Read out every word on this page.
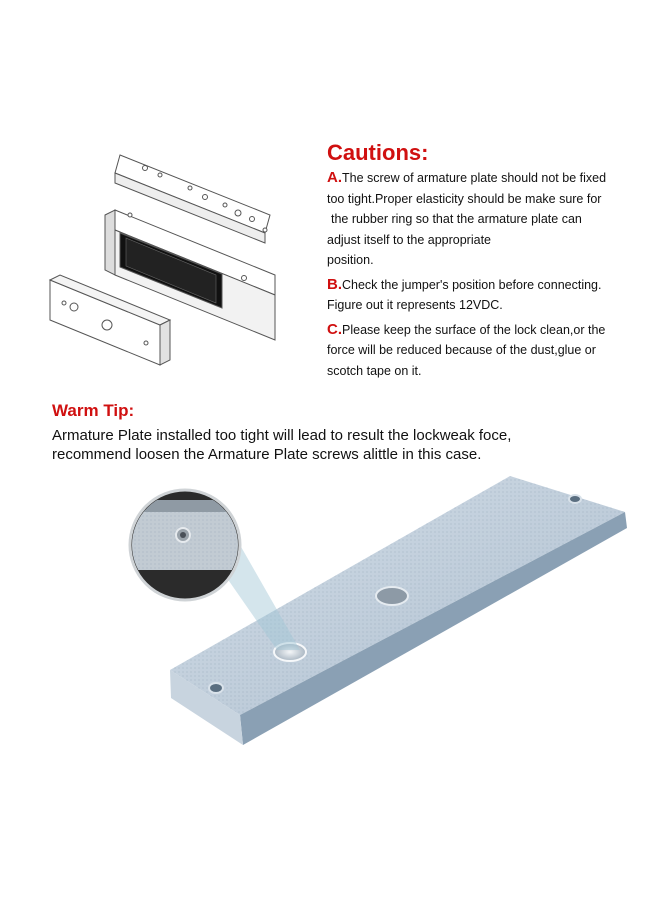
Cautions:
A.The screw of armature plate should not be fixed
too tight.Proper elasticity should be make sure for
the rubber ring so that the armature plate can
adjust itself to the appropriate
position.
B.Check the jumper's position before connecting.
Figure out it represents 12VDC.
C.Please keep the surface of the lock clean,or the
force will be reduced because of the dust,glue or
scotch tape on it.
Warm Tip:
Armature Plate installed too tight will lead to result the lockweak foce,
recommend loosen the Armature Plate screws alittle in this case.
